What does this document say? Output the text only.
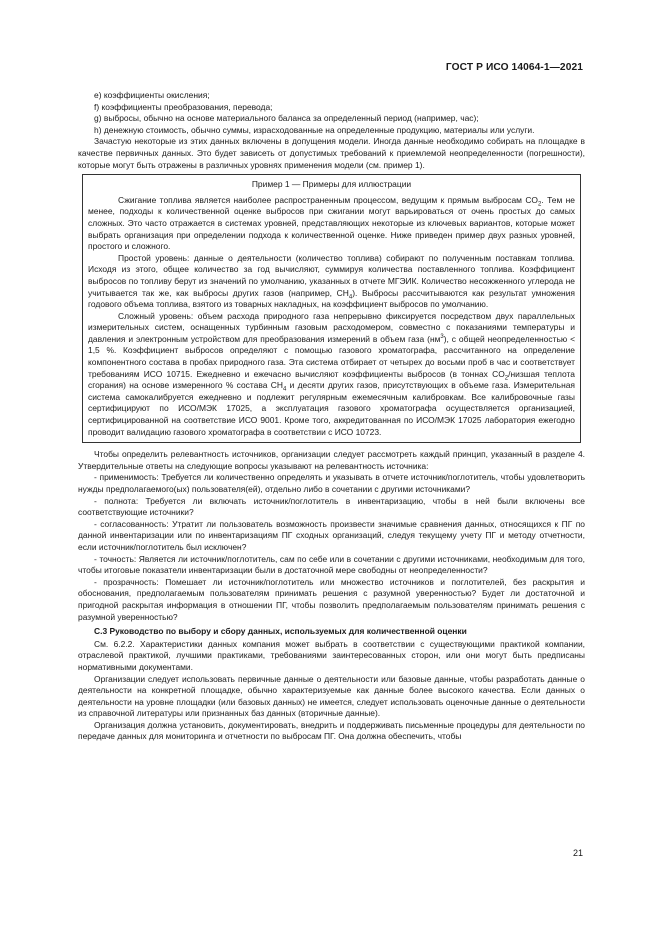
ГОСТ Р ИСО 14064-1—2021

е) коэффициенты окисления;

f) коэффициенты преобразования, перевода;

g) выбросы, обычно на основе материального баланса за определенный период (например, час);

h) денежную стоимость, обычно суммы, израсходованные на определенные продукцию, материалы или услуги.

Зачастую некоторые из этих данных включены в допущения модели. Иногда данные необходимо собирать на площадке в качестве первичных данных. Это будет зависеть от допустимых требований к приемлемой неопределенности (погрешности), которые могут быть отражены в различных уровнях применения модели (см. пример 1).

Пример 1 — Примеры для иллюстрации

Сжигание топлива является наиболее распространенным процессом, ведущим к прямым выбросам $CO_2$. Тем не менее, подходы к количественной оценке выбросов при сжигании могут варьироваться от очень простых до самых сложных. Это часто отражается в системах уровней, представляющих некоторые из ключевых вариантов, которые может выбрать организация при определении подхода к количественной оценке. Ниже приведен пример двух разных уровней, простого и сложного.

Простой уровень: данные о деятельности (количество топлива) собирают по полученным поставкам топлива. Исходя из этого, общее количество за год вычисляют, суммируя количества поставленного топлива. Коэффициент выбросов по топливу берут из значений по умолчанию, указанных в отчете МГЭИК. Количество несожженного углерода не учитывается так же, как выбросы других газов (например, $CH_4$). Выбросы рассчитываются как результат умножения годового объема топлива, взятого из товарных накладных, на коэффициент выбросов по умолчанию.

Сложный уровень: объем расхода природного газа непрерывно фиксируется посредством двух параллельных измерительных систем, оснащенных турбинным газовым расходомером, совместно с показаниями температуры и давления и электронным устройством для преобразования измерений в объем газа $(нм^3)$, с общей неопределенностью < 1,5 %. Коэффициент выбросов определяют с помощью газового хроматографа, рассчитанного на определение компонентного состава в пробах природного газа. Эта система отбирает от четырех до восьми проб в час и соответствует требованиям ИСО 10715. Ежедневно и ежечасно вычисляют коэффициенты выбросов (в тоннах $CO_2$/низшая теплота сгорания) на основе измеренного % состава $CH_4$ и десяти других газов, присутствующих в объеме газа. Измерительная система самокалибруется ежедневно и подлежит регулярным ежемесячным калибровкам. Все калибровочные газы сертифицируют по ИСО/МЭК 17025, а эксплуатация газового хроматографа осуществляется организацией, сертифицированной на соответствие ИСО 9001. Кроме того, аккредитованная по ИСО/МЭК 17025 лаборатория ежегодно проводит валидацию газового хроматографа в соответствии с ИСО 10723.

Чтобы определить релевантность источников, организации следует рассмотреть каждый принцип, указанный в разделе 4. Утвердительные ответы на следующие вопросы указывают на релевантность источника:

- применимость: Требуется ли количественно определять и указывать в отчете источник/поглотитель, чтобы удовлетворить нужды предполагаемого(ых) пользователя(ей), отдельно либо в сочетании с другими источниками?

- полнота: Требуется ли включать источник/поглотитель в инвентаризацию, чтобы в ней были включены все соответствующие источники?

- согласованность: Утратит ли пользователь возможность произвести значимые сравнения данных, относящихся к ПГ по данной инвентаризации или по инвентаризациям ПГ сходных организаций, следуя текущему учету ПГ и методу отчетности, если источник/поглотитель был исключен?

- точность: Является ли источник/поглотитель, сам по себе или в сочетании с другими источниками, необходимым для того, чтобы итоговые показатели инвентаризации были в достаточной мере свободны от неопределенности?

- прозрачность: Помешает ли источник/поглотитель или множество источников и поглотителей, без раскрытия и обоснования, предполагаемым пользователям принимать решения с разумной уверенностью? Будет ли достаточной и пригодной раскрытая информация в отношении ПГ, чтобы позволить предполагаемым пользователям принимать решения с разумной уверенностью?

С.3 Руководство по выбору и сбору данных, используемых для количественной оценки

См. 6.2.2. Характеристики данных компания может выбрать в соответствии с существующими практикой компании, отраслевой практикой, лучшими практиками, требованиями заинтересованных сторон, или они могут быть предписаны нормативными документами.

Организации следует использовать первичные данные о деятельности или базовые данные, чтобы разработать данные о деятельности на конкретной площадке, обычно характеризуемые как данные более высокого качества. Если данных о деятельности на уровне площадки (или базовых данных) не имеется, следует использовать оценочные данные о деятельности из справочной литературы или признанных баз данных (вторичные данные).

Организация должна установить, документировать, внедрить и поддерживать письменные процедуры для деятельности по передаче данных для мониторинга и отчетности по выбросам ПГ. Она должна обеспечить, чтобы

21
